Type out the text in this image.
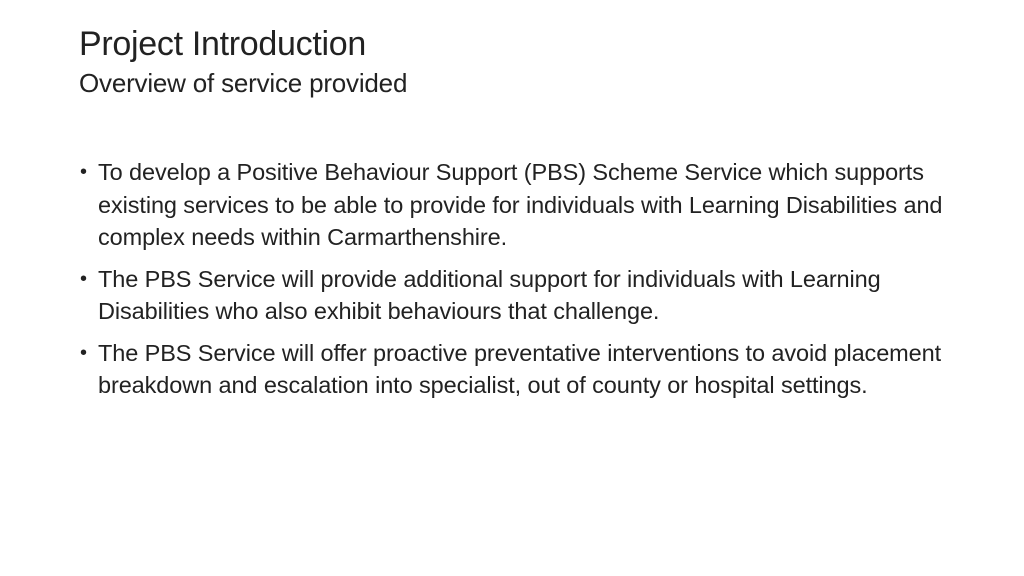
Project Introduction
Overview of service provided
• To develop a Positive Behaviour Support (PBS) Scheme Service which supports existing services to be able to provide for individuals with Learning Disabilities and complex needs within Carmarthenshire.
• The PBS Service will provide additional support for individuals with Learning Disabilities who also exhibit behaviours that challenge.
• The PBS Service will offer proactive preventative interventions to avoid placement breakdown and escalation into specialist, out of county or hospital settings.
